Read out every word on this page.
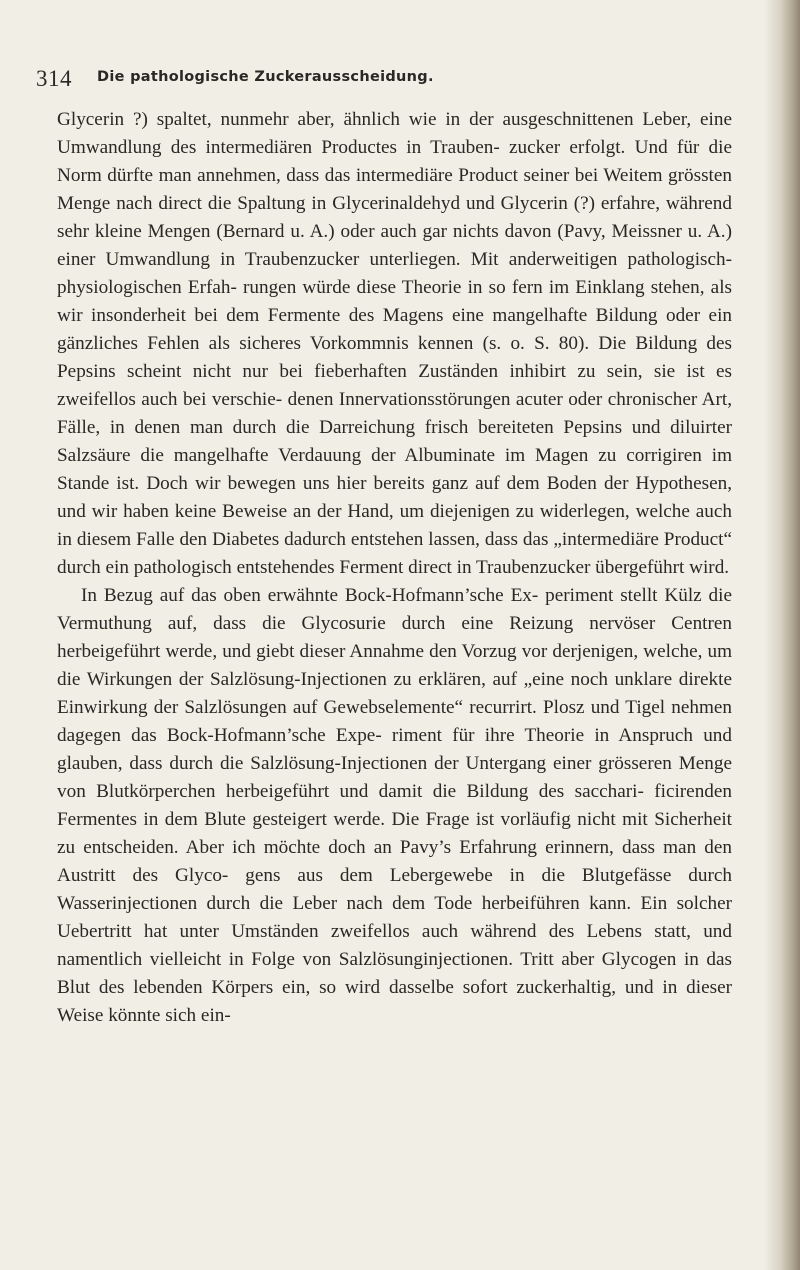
314 Die pathologische Zuckerausscheidung.

Glycerin ?) spaltet, nunmehr aber, ähnlich wie in der ausgeschnittenen Leber, eine Umwandlung des intermediären Productes in Trauben- zucker erfolgt. Und für die Norm dürfte man annehmen, dass das intermediäre Product seiner bei Weitem grössten Menge nach direct die Spaltung in Glycerinaldehyd und Glycerin (?) erfahre, während sehr kleine Mengen (Bernard u. A.) oder auch gar nichts davon (Pavy, Meissner u. A.) einer Umwandlung in Traubenzucker unterliegen. Mit anderweitigen pathologisch-physiologischen Erfah- rungen würde diese Theorie in so fern im Einklang stehen, als wir insonderheit bei dem Fermente des Magens eine mangelhafte Bildung oder ein gänzliches Fehlen als sicheres Vorkommnis kennen (s. o. S. 80). Die Bildung des Pepsins scheint nicht nur bei fieberhaften Zuständen inhibirt zu sein, sie ist es zweifellos auch bei verschie- denen Innervationsstörungen acuter oder chronischer Art, Fälle, in denen man durch die Darreichung frisch bereiteten Pepsins und diluirter Salzsäure die mangelhafte Verdauung der Albuminate im Magen zu corrigiren im Stande ist. Doch wir bewegen uns hier bereits ganz auf dem Boden der Hypothesen, und wir haben keine Beweise an der Hand, um diejenigen zu widerlegen, welche auch in diesem Falle den Diabetes dadurch entstehen lassen, dass das „intermediäre Product“ durch ein pathologisch entstehendes Ferment direct in Traubenzucker übergeführt wird.

In Bezug auf das oben erwähnte Bock-Hofmann’sche Ex- periment stellt Külz die Vermuthung auf, dass die Glycosurie durch eine Reizung nervöser Centren herbeigeführt werde, und giebt dieser Annahme den Vorzug vor derjenigen, welche, um die Wirkungen der Salzlösung-Injectionen zu erklären, auf „eine noch unklare direkte Einwirkung der Salzlösungen auf Gewebselemente“ recurrirt. Plosz und Tigel nehmen dagegen das Bock-Hofmann’sche Expe- riment für ihre Theorie in Anspruch und glauben, dass durch die Salzlösung-Injectionen der Untergang einer grösseren Menge von Blutkörperchen herbeigeführt und damit die Bildung des sacchari- ficirenden Fermentes in dem Blute gesteigert werde. Die Frage ist vorläufig nicht mit Sicherheit zu entscheiden. Aber ich möchte doch an Pavy’s Erfahrung erinnern, dass man den Austritt des Glyco- gens aus dem Lebergewebe in die Blutgefässe durch Wasserinjectionen durch die Leber nach dem Tode herbeiführen kann. Ein solcher Uebertritt hat unter Umständen zweifellos auch während des Lebens statt, und namentlich vielleicht in Folge von Salzlösunginjectionen. Tritt aber Glycogen in das Blut des lebenden Körpers ein, so wird dasselbe sofort zuckerhaltig, und in dieser Weise könnte sich ein-
